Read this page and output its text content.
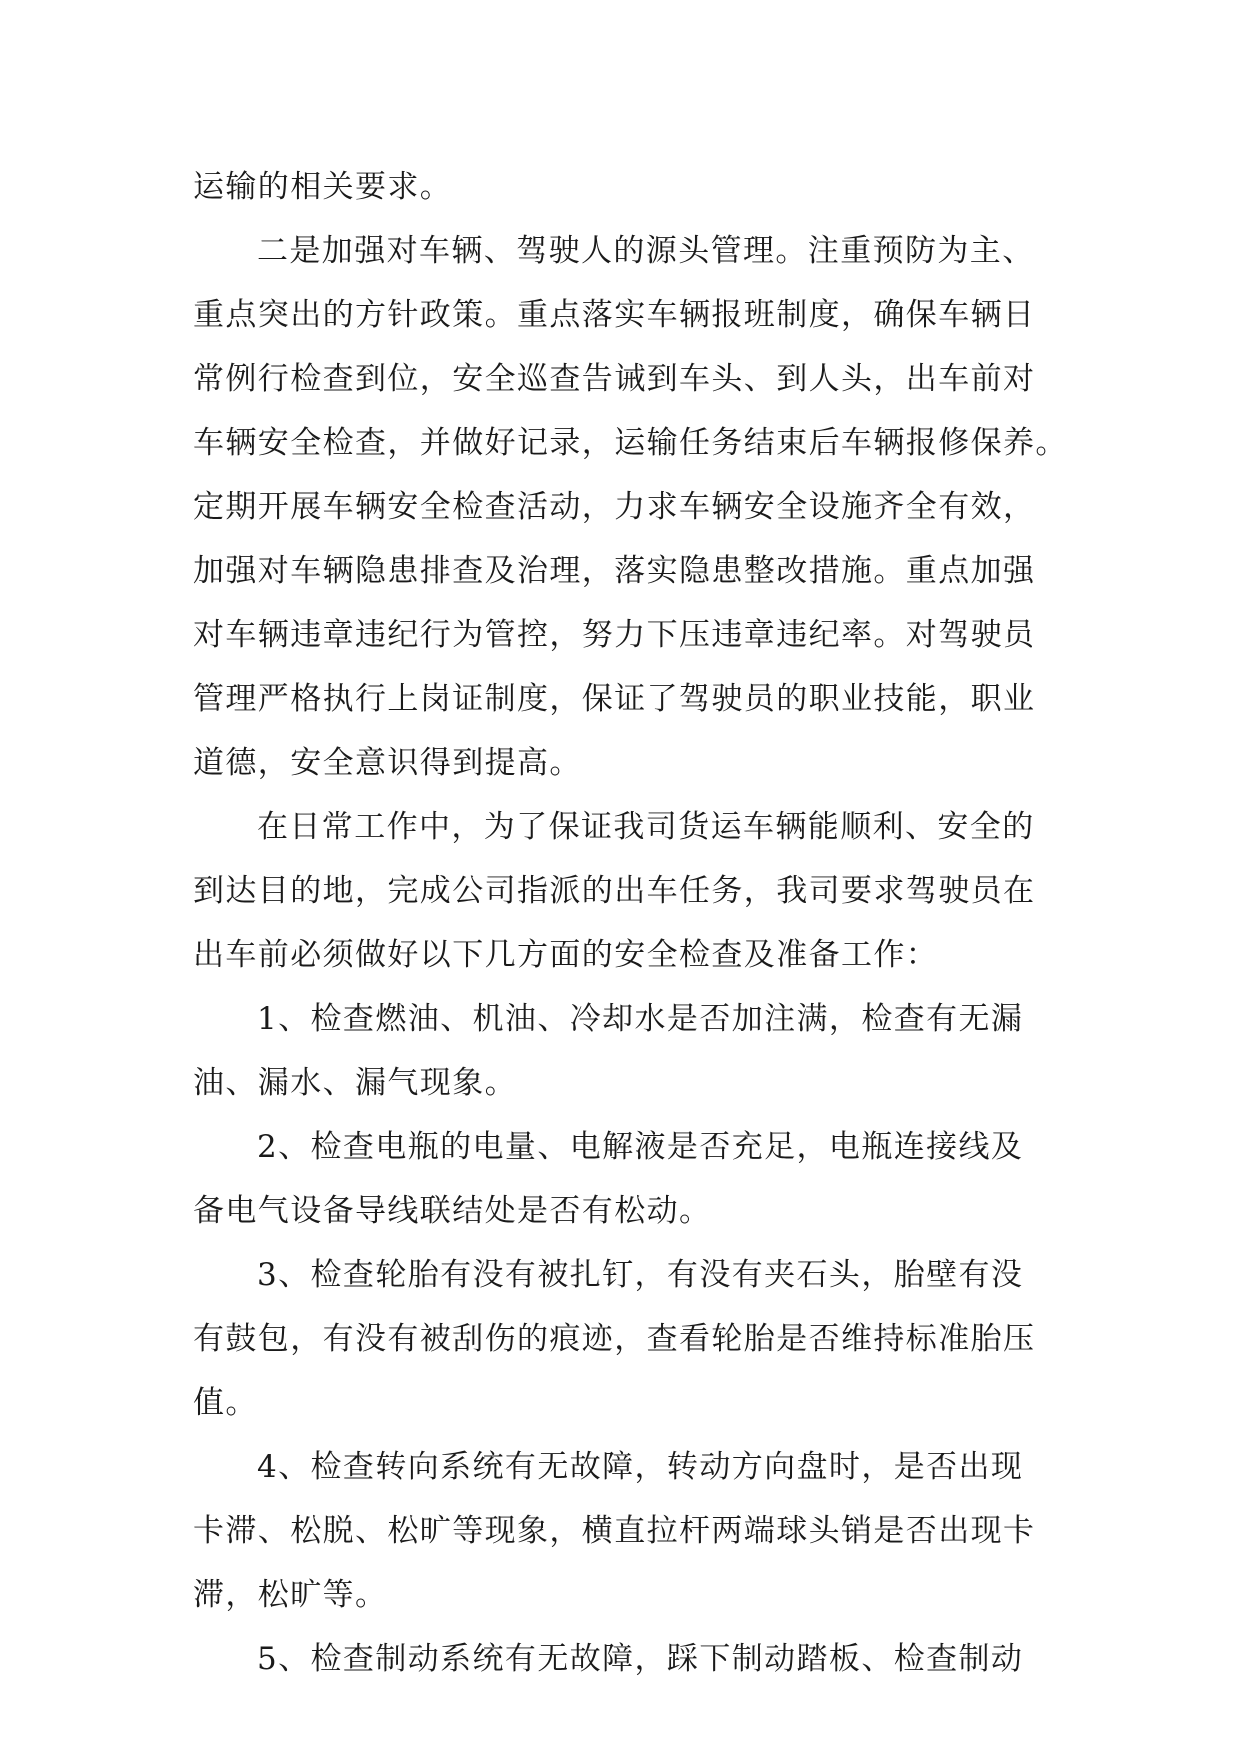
运输的相关要求。
二是加强对车辆、驾驶人的源头管理。注重预防为主、
重点突出的方针政策。重点落实车辆报班制度，确保车辆日
常例行检查到位，安全巡查告诫到车头、到人头，出车前对
车辆安全检查，并做好记录，运输任务结束后车辆报修保养。
定期开展车辆安全检查活动，力求车辆安全设施齐全有效，
加强对车辆隐患排查及治理，落实隐患整改措施。重点加强
对车辆违章违纪行为管控，努力下压违章违纪率。对驾驶员
管理严格执行上岗证制度，保证了驾驶员的职业技能，职业
道德，安全意识得到提高。
在日常工作中，为了保证我司货运车辆能顺利、安全的
到达目的地，完成公司指派的出车任务，我司要求驾驶员在
出车前必须做好以下几方面的安全检查及准备工作：
1、检查燃油、机油、冷却水是否加注满，检查有无漏
油、漏水、漏气现象。
2、检查电瓶的电量、电解液是否充足，电瓶连接线及
备电气设备导线联结处是否有松动。
3、检查轮胎有没有被扎钉，有没有夹石头，胎壁有没
有鼓包，有没有被刮伤的痕迹，查看轮胎是否维持标准胎压
值。
4、检查转向系统有无故障，转动方向盘时，是否出现
卡滞、松脱、松旷等现象，横直拉杆两端球头销是否出现卡
滞，松旷等。
5、检查制动系统有无故障，踩下制动踏板、检查制动
